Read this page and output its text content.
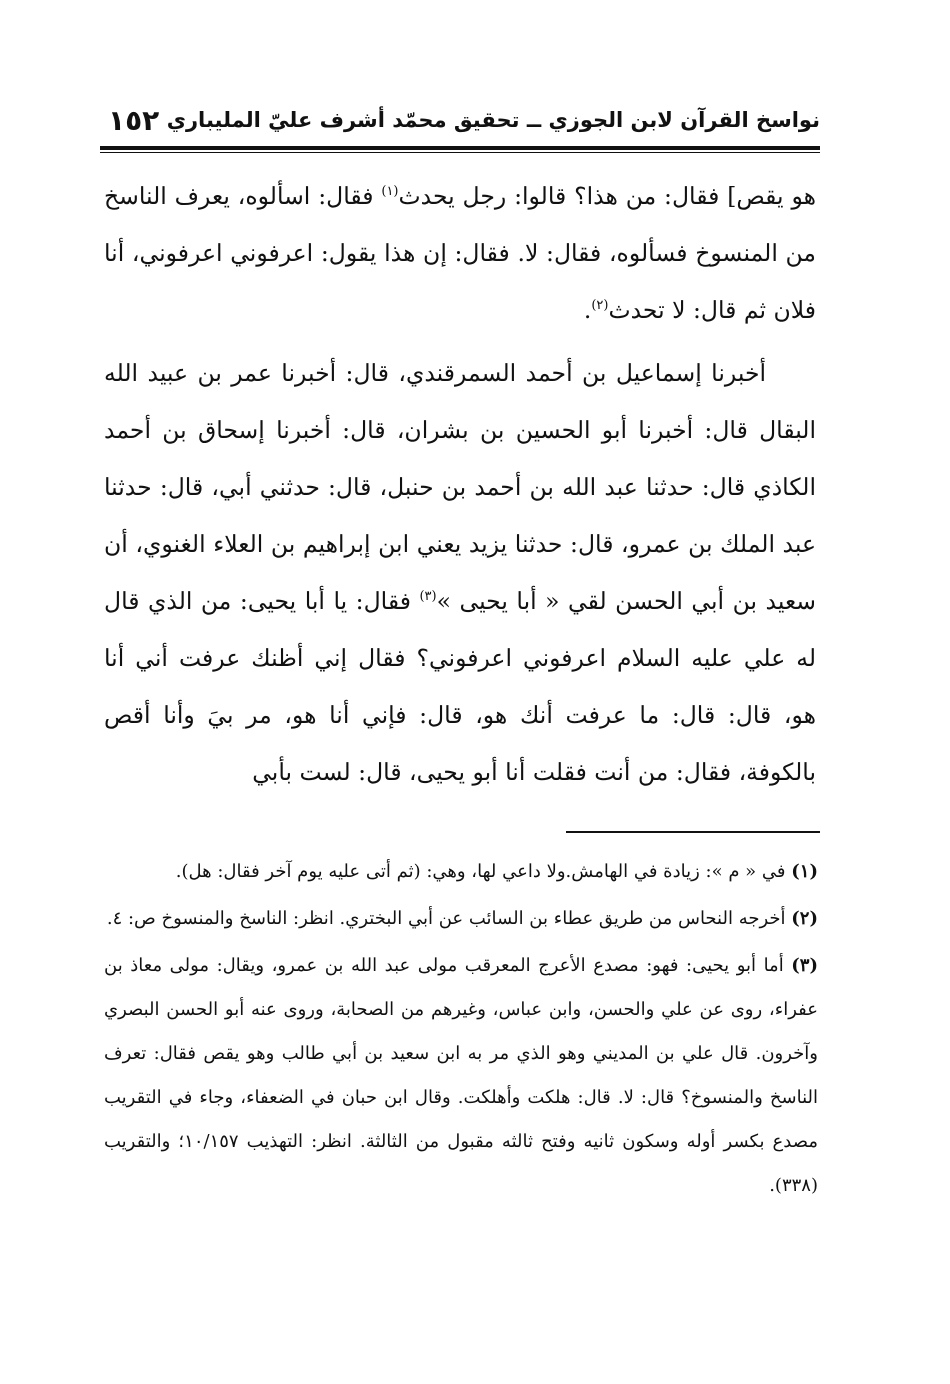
نواسخ القرآن لابن الجوزي ــ تحقيق محمّد أشرف عليّ المليباري
١٥٢

هو يقص] فقال: من هذا؟ قالوا: رجل يحدث$^{(١)}$ فقال: اسألوه، يعرف الناسخ من المنسوخ فسألوه، فقال: لا. فقال: إن هذا يقول: اعرفوني اعرفوني، أنا فلان ثم قال: لا تحدث$^{(٢)}$.

أخبرنا إسماعيل بن أحمد السمرقندي، قال: أخبرنا عمر بن عبيد الله البقال قال: أخبرنا أبو الحسين بن بشران، قال: أخبرنا إسحاق بن أحمد الكاذي قال: حدثنا عبد الله بن أحمد بن حنبل، قال: حدثني أبي، قال: حدثنا عبد الملك بن عمرو، قال: حدثنا يزيد يعني ابن إبراهيم بن العلاء الغنوي، أن سعيد بن أبي الحسن لقي « أبا يحيى »$^{(٣)}$ فقال: يا أبا يحيى: من الذي قال له علي عليه السلام اعرفوني اعرفوني؟ فقال إني أظنك عرفت أني أنا هو، قال: قال: ما عرفت أنك هو، قال: فإني أنا هو، مر بيَ وأنا أقص بالكوفة، فقال: من أنت فقلت أنا أبو يحيى، قال: لست بأبي

(١) في « م »: زيادة في الهامش.ولا داعي لها، وهي: (ثم أتى عليه يوم آخر فقال: هل).

(٢) أخرجه النحاس من طريق عطاء بن السائب عن أبي البختري. انظر: الناسخ والمنسوخ ص: ٤.

(٣) أما أبو يحيى: فهو: مصدع الأعرج المعرقب مولى عبد الله بن عمرو، ويقال: مولى معاذ بن عفراء، روى عن علي والحسن، وابن عباس، وغيرهم من الصحابة، وروى عنه أبو الحسن البصري وآخرون. قال علي بن المديني وهو الذي مر به ابن سعيد بن أبي طالب وهو يقص فقال: تعرف الناسخ والمنسوخ؟ قال: لا. قال: هلكت وأهلكت. وقال ابن حبان في الضعفاء، وجاء في التقريب مصدع بكسر أوله وسكون ثانيه وفتح ثالثه مقبول من الثالثة. انظر: التهذيب ١٠/١٥٧؛ والتقريب (٣٣٨).
